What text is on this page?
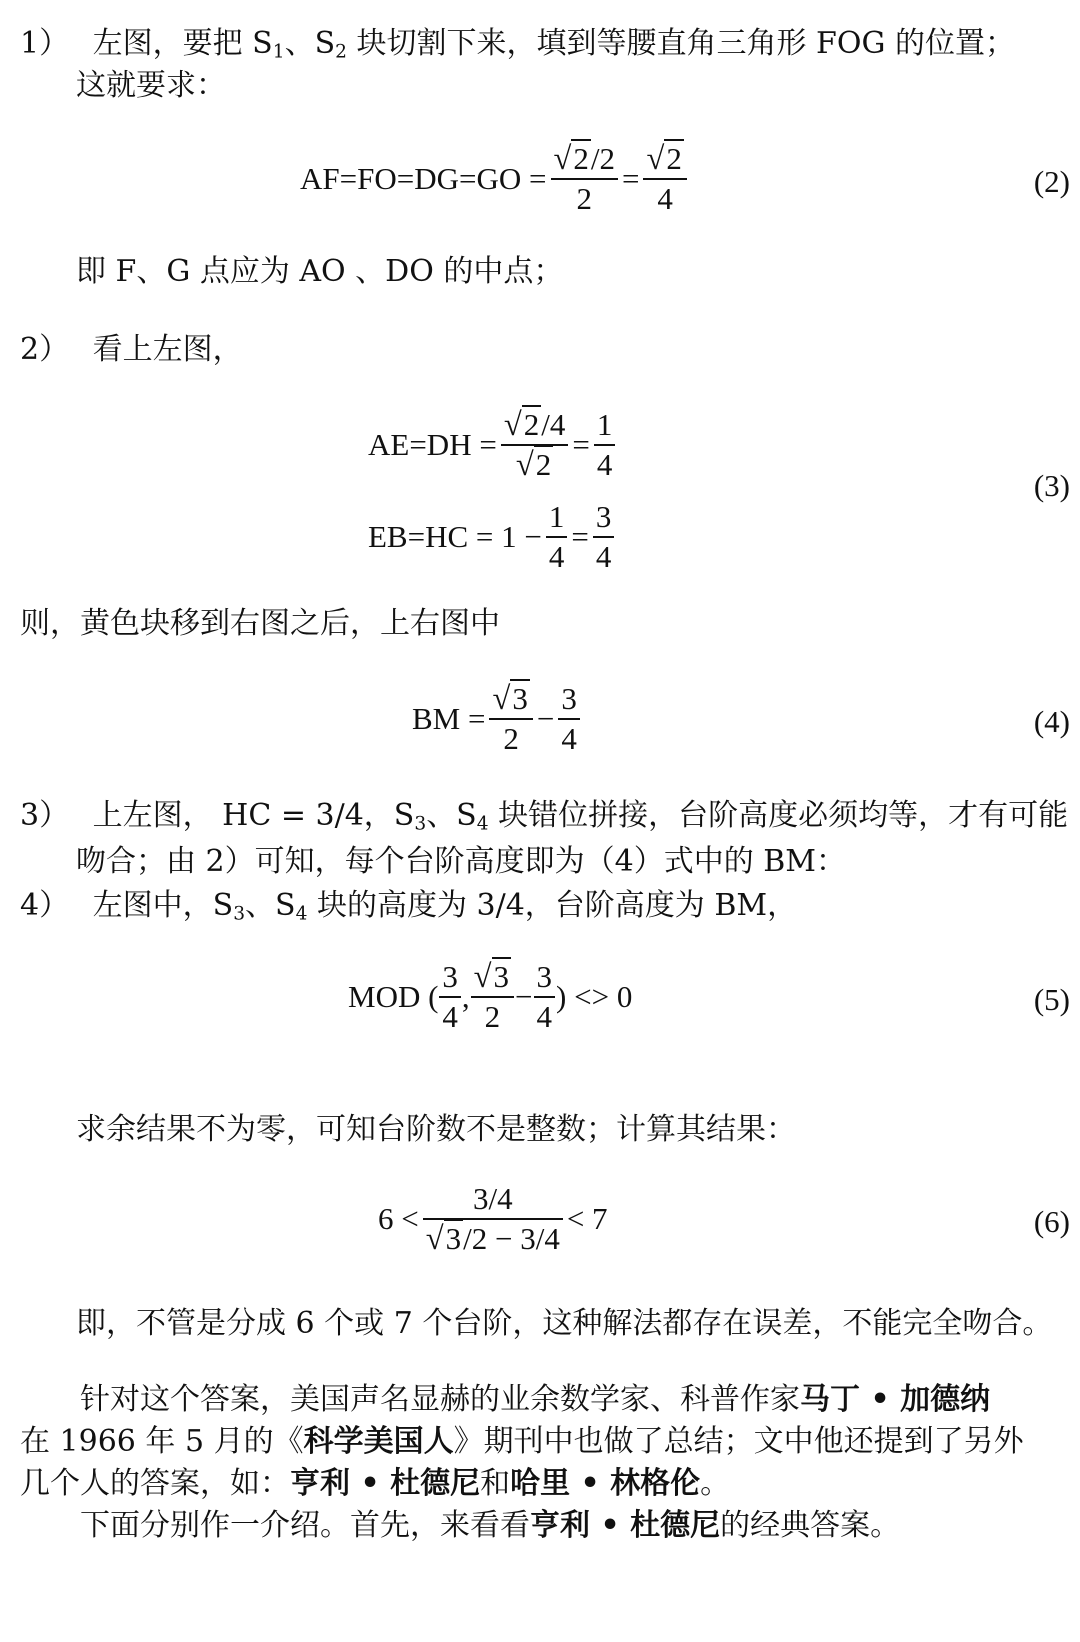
1） 左图，要把 $S_1$、$S_2$ 块切割下来，填到等腰直角三角形 FOG 的位置；
这就要求：
$AF=FO=DG=GO = \frac{√2/2}{2} = \frac{√2}{4}$	(2)
即 F、G 点应为 AO 、DO 的中点；
2） 看上左图，
$AE=DH = \frac{√2/4}{√2} = \frac{1}{4}$
$EB=HC = 1 - \frac{1}{4} = \frac{3}{4}$
(3)
则，黄色块移到右图之后，上右图中
BM = $\frac{√3}{2} - \frac{3}{4}$	(4)
3） 上左图， HC = 3/4，$S_3$、$S_4$ 块错位拼接，台阶高度必须均等，才有可能
吻合；由 2）可知，每个台阶高度即为（4）式中的 BM：
4） 左图中，$S_3$、$S_4$ 块的高度为 3/4，台阶高度为 BM，
MOD ( $\frac{3}{4}$ , $\frac{√3}{2} - \frac{3}{4}$ ) <> 0	(5)
求余结果不为零，可知台阶数不是整数；计算其结果：
$6 < \frac{3/4}{√3/2 - 3/4} < 7$	(6)
即，不管是分成 6 个或 7 个台阶，这种解法都存在误差，不能完全吻合。
针对这个答案，美国声名显赫的业余数学家、科普作家马丁 • 加德纳
在 1966 年 5 月的《科学美国人》期刊中也做了总结；文中他还提到了另外
几个人的答案，如：亨利 • 杜德尼和哈里 • 林格伦。
下面分别作一介绍。首先，来看看亨利 • 杜德尼的经典答案。
